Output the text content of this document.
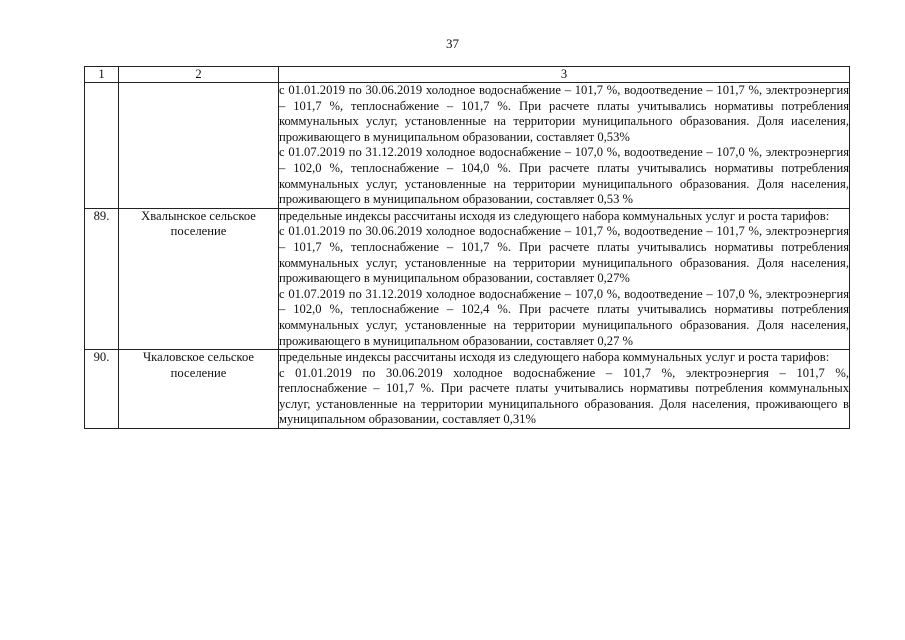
37
1	2	3

		с 01.01.2019 по 30.06.2019 холодное водоснабжение – 101,7 %, водоотведение – 101,7 %, электроэнергия – 101,7 %, теплоснабжение – 101,7 %. При расчете платы учитывались нормативы потребления коммунальных услуг, установленные на территории муниципального образования. Доля иаселения, проживающего в муниципальном образовании, составляет 0,53%

с 01.07.2019 по 31.12.2019 холодное водоснабжение – 107,0 %, водоотведение – 107,0 %, электроэнергия – 102,0 %, теплоснабжение – 104,0 %. При расчете платы учитывались нормативы потребления коммунальных услуг, установленные на территории муниципального образования. Доля населения, проживающего в муниципальном образовании, составляет 0,53 %

89.	Хвалынское сельское поселение	предельные индексы рассчитаны исходя из следующего набора коммунальных услуг и роста тарифов:

с 01.01.2019 по 30.06.2019 холодное водоснабжение – 101,7 %, водоотведение – 101,7 %, электроэнергия – 101,7 %, теплоснабжение – 101,7 %. При расчете платы учитывались нормативы потребления коммунальных услуг, установленные на территории муниципального образования. Доля населения, проживающего в муниципальном образовании, составляет 0,27%

с 01.07.2019 по 31.12.2019 холодное водоснабжение – 107,0 %, водоотведение – 107,0 %, электроэнергия – 102,0 %, теплоснабжение – 102,4 %. При расчете платы учитывались нормативы потребления коммунальных услуг, установленные на территории муниципального образования. Доля населения, проживающего в муниципальном образовании, составляет 0,27 %

90.	Чкаловское сельское поселение	предельные индексы рассчитаны исходя из следующего набора коммунальных услуг и роста тарифов:

с 01.01.2019 по 30.06.2019 холодное водоснабжение – 101,7 %, электроэнергия – 101,7 %, теплоснабжение – 101,7 %. При расчете платы учитывались нормативы потребления коммунальных услуг, установленные на территории муниципального образования. Доля населения, проживающего в муниципальном образовании, составляет 0,31%
